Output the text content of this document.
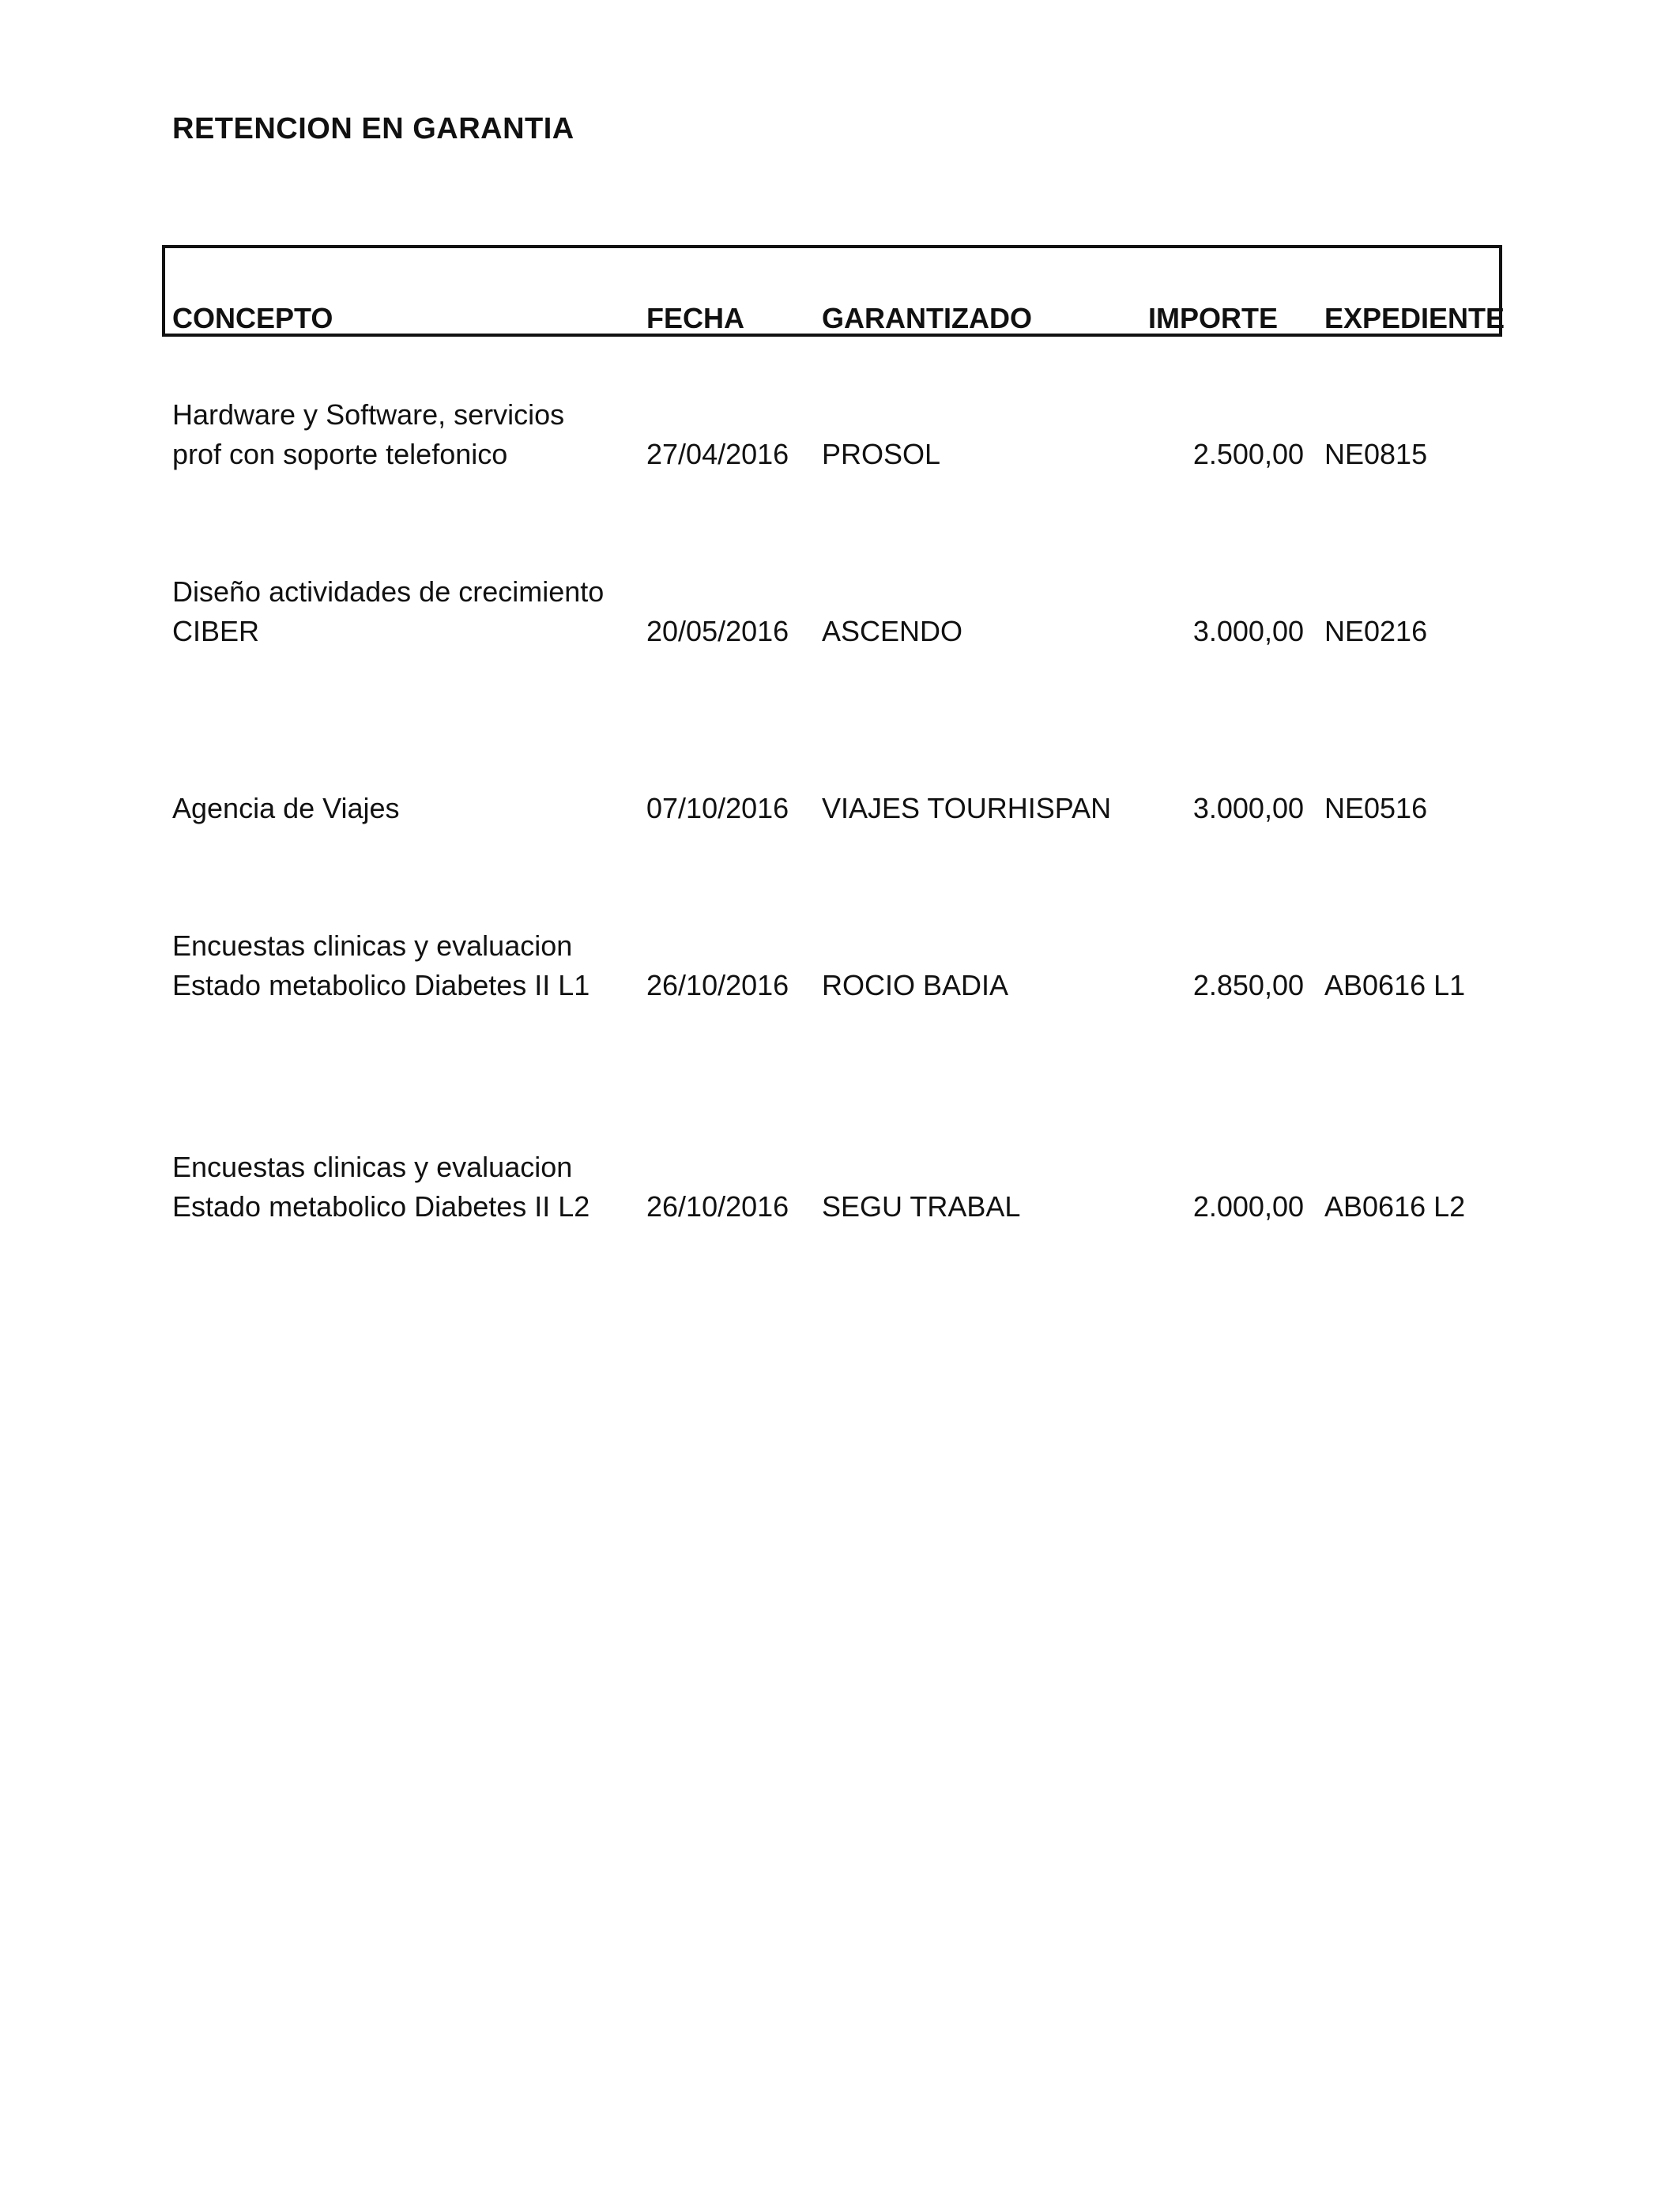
RETENCION EN GARANTIA
CONCEPTO	FECHA	GARANTIZADO	IMPORTE EXPEDIENTE
Hardware y Software, servicios
prof con soporte telefonico	27/04/2016 PROSOL	2.500,00 NE0815
Diseño actividades de crecimiento
CIBER	20/05/2016 ASCENDO	3.000,00 NE0216

Agencia de Viajes	07/10/2016 VIAJES TOURHISPAN	3.000,00 NE0516
Encuestas clinicas y evaluacion
Estado metabolico Diabetes II L1 26/10/2016 ROCIO BADIA	2.850,00 AB0616 L1
Encuestas clinicas y evaluacion
Estado metabolico Diabetes II L2 26/10/2016 SEGU TRABAL	2.000,00 AB0616 L2
